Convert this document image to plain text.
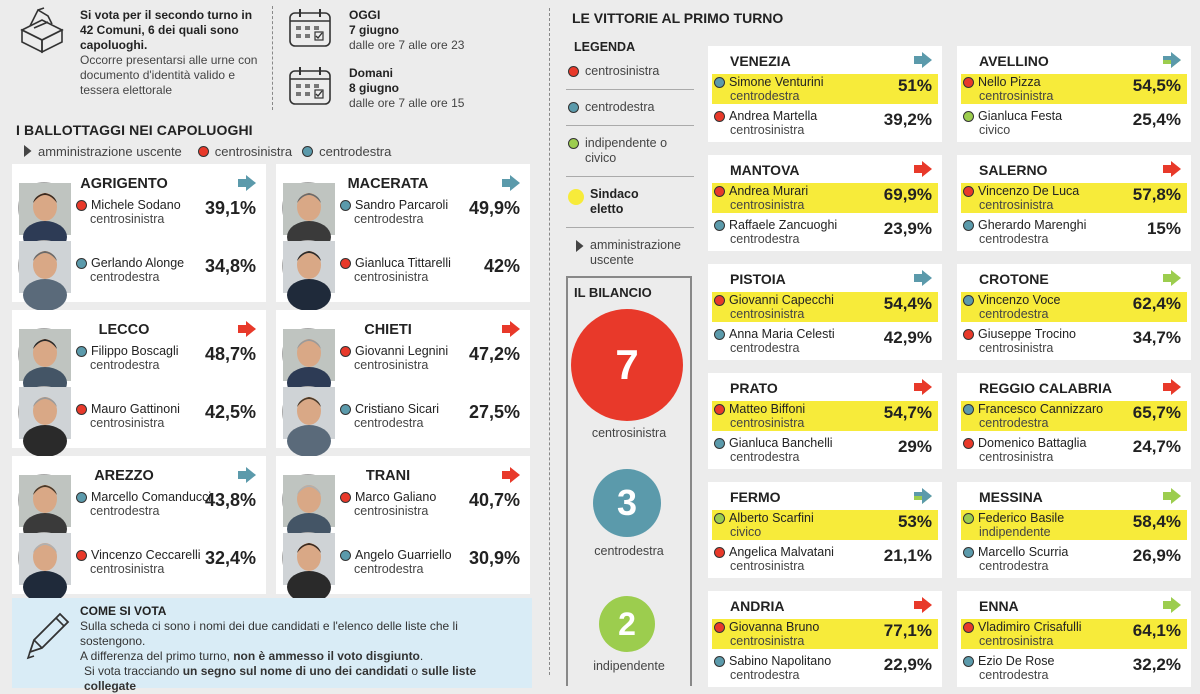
Si vota per il secondo turno in 42 Comuni, 6 dei quali sono capoluoghi.
Occorre presentarsi alle urne con documento d'identità valido e tessera elettorale
OGGI
7 giugno
dalle ore 7 alle ore 23
Domani
8 giugno
dalle ore 7 alle ore 15
I BALLOTTAGGI NEI CAPOLUOGHI
amministrazione uscente	centrosinistra centrodestra
AGRIGENTO
Michele Sodano
centrosinistra
39,1%
Gerlando Alonge
centrodestra
34,8%
MACERATA
Sandro Parcaroli
centrodestra
49,9%
Gianluca Tittarelli
centrosinistra
42%
LECCO
Filippo Boscagli
centrodestra
48,7%
Mauro Gattinoni
centrosinistra
42,5%
CHIETI
Giovanni Legnini
centrosinistra
47,2%
Cristiano Sicari
centrodestra
27,5%
AREZZO
Marcello Comanducci
centrodestra
43,8%
Vincenzo Ceccarelli
centrosinistra
32,4%
TRANI
Marco Galiano
centrosinistra
40,7%
Angelo Guarriello
centrodestra
30,9%
COME SI VOTA
Sulla scheda ci sono i nomi dei due candidati e l'elenco delle liste che li sostengono.
A differenza del primo turno, non è ammesso il voto disgiunto.
Si vota tracciando un segno sul nome di uno dei candidati o sulle liste collegate
LE VITTORIE AL PRIMO TURNO
LEGENDA
centrosinistra
centrodestra
indipendente o civico
Sindaco eletto
amministrazione uscente
IL BILANCIO
7
centrosinistra
3
centrodestra
2
indipendente
VENEZIA
Simone Venturini
centrodestra
51%
Andrea Martella
centrosinistra
39,2%
AVELLINO
Nello Pizza
centrosinistra
54,5%
Gianluca Festa
civico
25,4%
MANTOVA
Andrea Murari
centrosinistra
69,9%
Raffaele Zancuoghi
centrodestra
23,9%
SALERNO
Vincenzo De Luca
centrosinistra
57,8%
Gherardo Marenghi
centrodestra
15%
PISTOIA
Giovanni Capecchi
centrosinistra
54,4%
Anna Maria Celesti
centrodestra
42,9%
CROTONE
Vincenzo Voce
centrodestra
62,4%
Giuseppe Trocino
centrosinistra
34,7%
PRATO
Matteo Biffoni
centrosinistra
54,7%
Gianluca Banchelli
centrodestra
29%
REGGIO CALABRIA
Francesco Cannizzaro
centrodestra
65,7%
Domenico Battaglia
centrosinistra
24,7%
FERMO
Alberto Scarfini
civico
53%
Angelica Malvatani
centrosinistra
21,1%
MESSINA
Federico Basile
indipendente
58,4%
Marcello Scurria
centrodestra
26,9%
ANDRIA
Giovanna Bruno
centrosinistra
77,1%
Sabino Napolitano
centrodestra
22,9%
ENNA
Vladimiro Crisafulli
centrosinistra
64,1%
Ezio De Rose
centrodestra
32,2%
